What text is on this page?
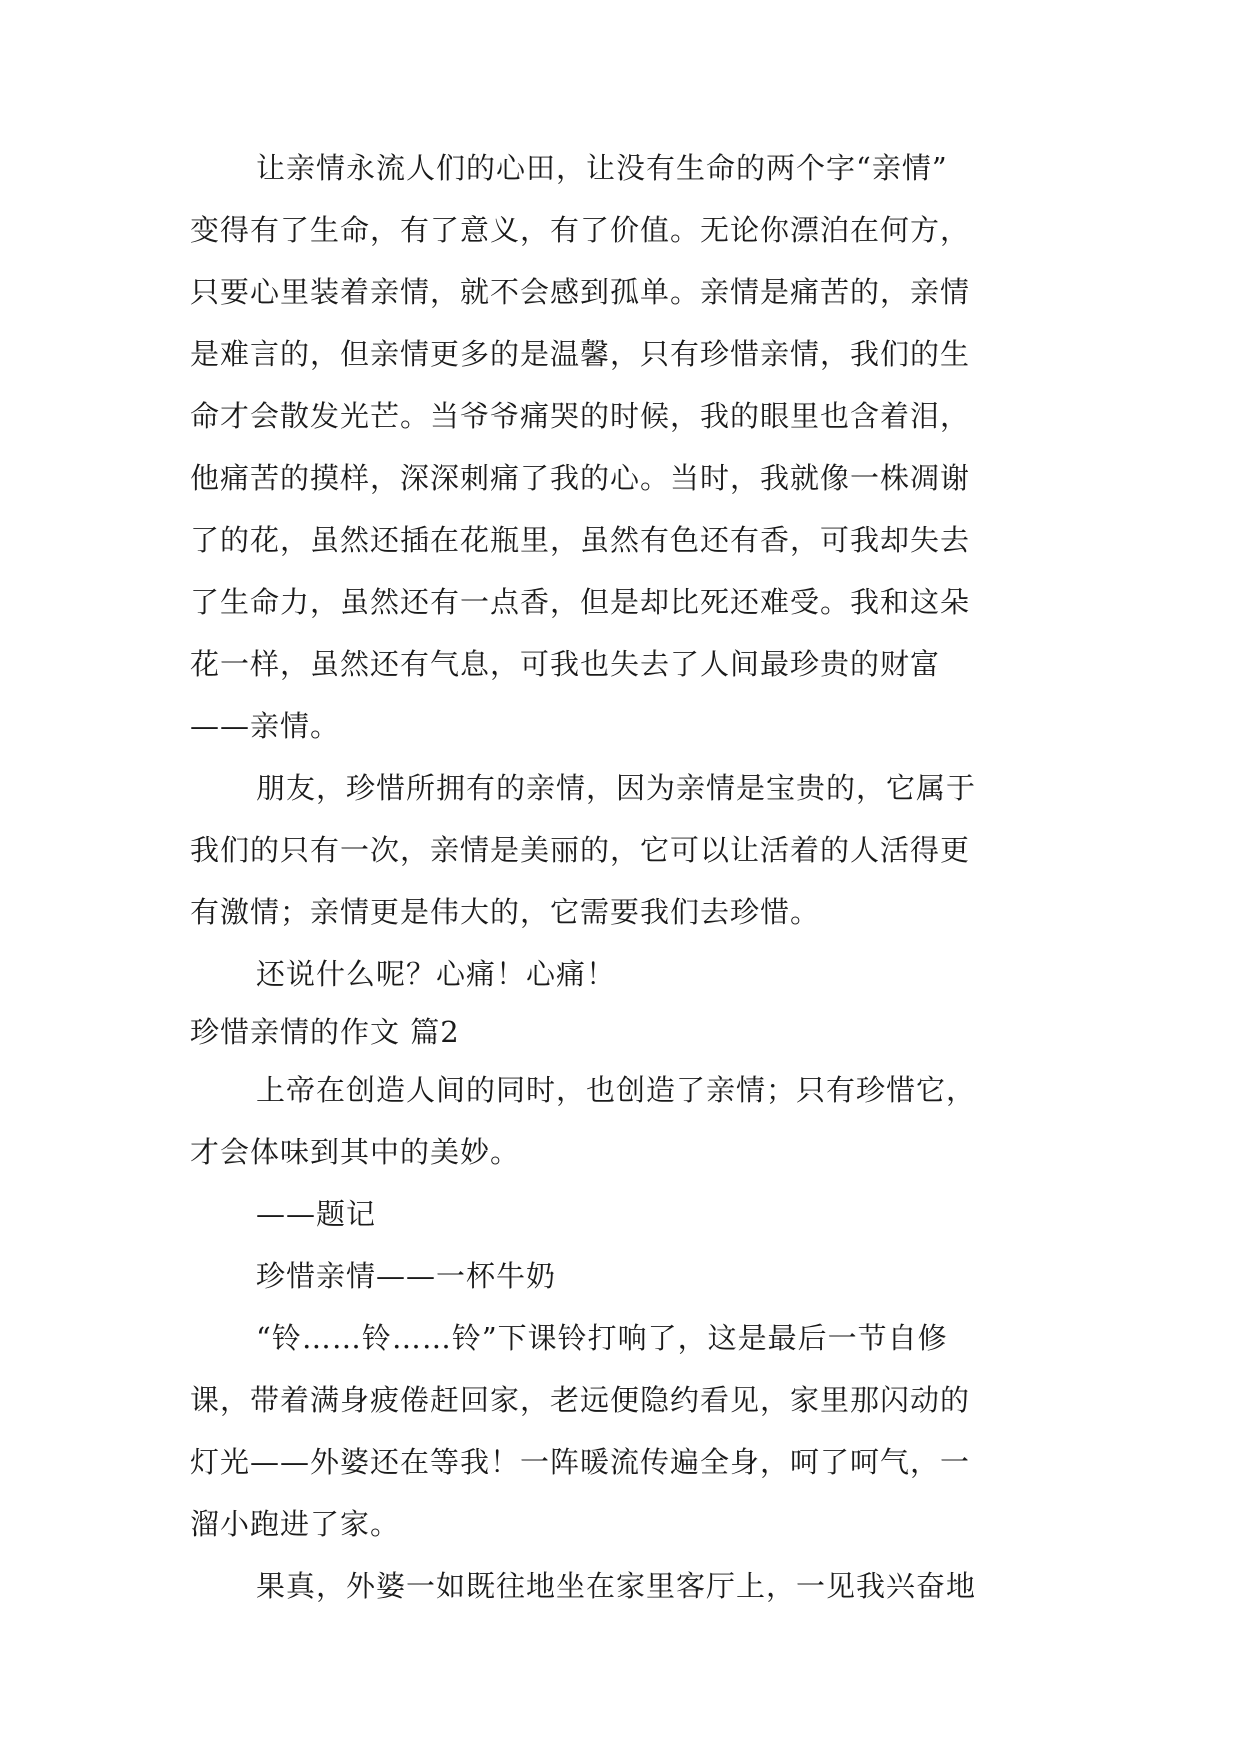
让亲情永流人们的心田，让没有生命的两个字“亲情”
变得有了生命，有了意义，有了价值。无论你漂泊在何方，
只要心里装着亲情，就不会感到孤单。亲情是痛苦的，亲情
是难言的，但亲情更多的是温馨，只有珍惜亲情，我们的生
命才会散发光芒。当爷爷痛哭的时候，我的眼里也含着泪，
他痛苦的摸样，深深刺痛了我的心。当时，我就像一株凋谢
了的花，虽然还插在花瓶里，虽然有色还有香，可我却失去
了生命力，虽然还有一点香，但是却比死还难受。我和这朵
花一样，虽然还有气息，可我也失去了人间最珍贵的财富
——亲情。
朋友，珍惜所拥有的亲情，因为亲情是宝贵的，它属于
我们的只有一次，亲情是美丽的，它可以让活着的人活得更
有激情；亲情更是伟大的，它需要我们去珍惜。
还说什么呢？心痛！心痛！
珍惜亲情的作文 篇2
上帝在创造人间的同时，也创造了亲情；只有珍惜它，
才会体味到其中的美妙。
——题记
珍惜亲情——一杯牛奶
“铃……铃……铃”下课铃打响了，这是最后一节自修
课，带着满身疲倦赶回家，老远便隐约看见，家里那闪动的
灯光——外婆还在等我！一阵暖流传遍全身，呵了呵气，一
溜小跑进了家。
果真，外婆一如既往地坐在家里客厅上，一见我兴奋地
